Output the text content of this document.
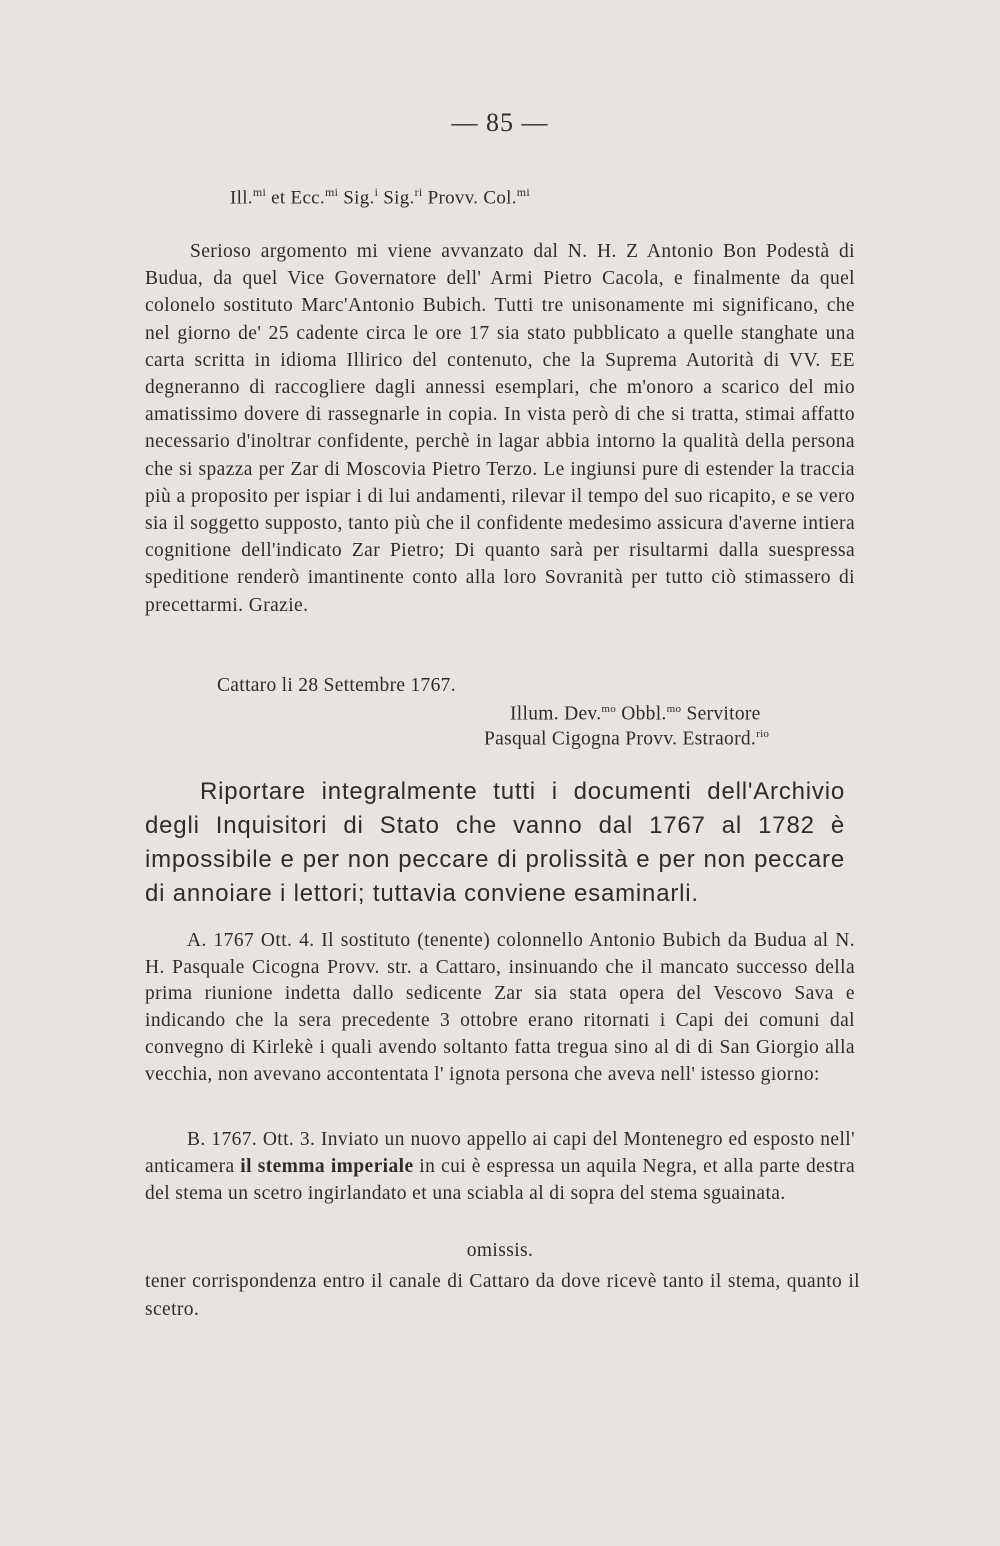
— 85 —
Ill.$^{mi}$ et Ecc.$^{mi}$ Sig.$^i$ Sig.$^{ri}$ Provv. Col.$^{mi}$

Serioso argomento mi viene avvanzato dal N. H. Z Antonio Bon Podestà di Budua, da quel Vice Governatore dell' Armi Pietro Cacola, e finalmente da quel colonelo sostituto Marc'Antonio Bubich. Tutti tre unisonamente mi significano, che nel giorno de' 25 cadente circa le ore 17 sia stato pubblicato a quelle stanghate una carta scritta in idioma Illirico del contenuto, che la Suprema Autorità di VV. EE degneranno di raccogliere dagli annessi esemplari, che m'onoro a scarico del mio amatissimo dovere di rassegnarle in copia. In vista però di che si tratta, stimai affatto necessario d'inoltrar confidente, perchè in lagar abbia intorno la qualità della persona che si spazza per Zar di Moscovia Pietro Terzo. Le ingiunsi pure di estender la traccia più a proposito per ispiar i di lui andamenti, rilevar il tempo del suo ricapito, e se vero sia il soggetto supposto, tanto più che il confidente medesimo assicura d'averne intiera cognitione dell'indicato Zar Pietro; Di quanto sarà per risultarmi dalla suespressa speditione renderò imantinente conto alla loro Sovranità per tutto ciò stimassero di precettarmi. Grazie.

Cattaro li 28 Settembre 1767.
Illum. Dev.$^{mo}$ Obbl.$^{mo}$ Servitore
Pasqual Cigogna Provv. Estraord.$^{rio}$

Riportare integralmente tutti i documenti dell'Archivio degli Inquisitori di Stato che vanno dal 1767 al 1782 è impossibile e per non peccare di prolissità e per non peccare di annoiare i lettori; tuttavia conviene esaminarli.

A. 1767 Ott. 4. Il sostituto (tenente) colonnello Antonio Bubich da Budua al N. H. Pasquale Cicogna Provv. str. a Cattaro, insinuando che il mancato successo della prima riunione indetta dallo sedicente Zar sia stata opera del Vescovo Sava e indicando che la sera precedente 3 ottobre erano ritornati i Capi dei comuni dal convegno di Kirlekè i quali avendo soltanto fatta tregua sino al di di San Giorgio alla vecchia, non avevano accontentata l' ignota persona che aveva nell' istesso giorno:

B. 1767. Ott. 3. Inviato un nuovo appello ai capi del Montenegro ed esposto nell' anticamera il stemma imperiale in cui è espressa un aquila Negra, et alla parte destra del stema un scetro ingirlandato et una sciabla al di sopra del stema sguainata.

omissis.

tener corrispondenza entro il canale di Cattaro da dove ricevè tanto il stema, quanto il scetro.
